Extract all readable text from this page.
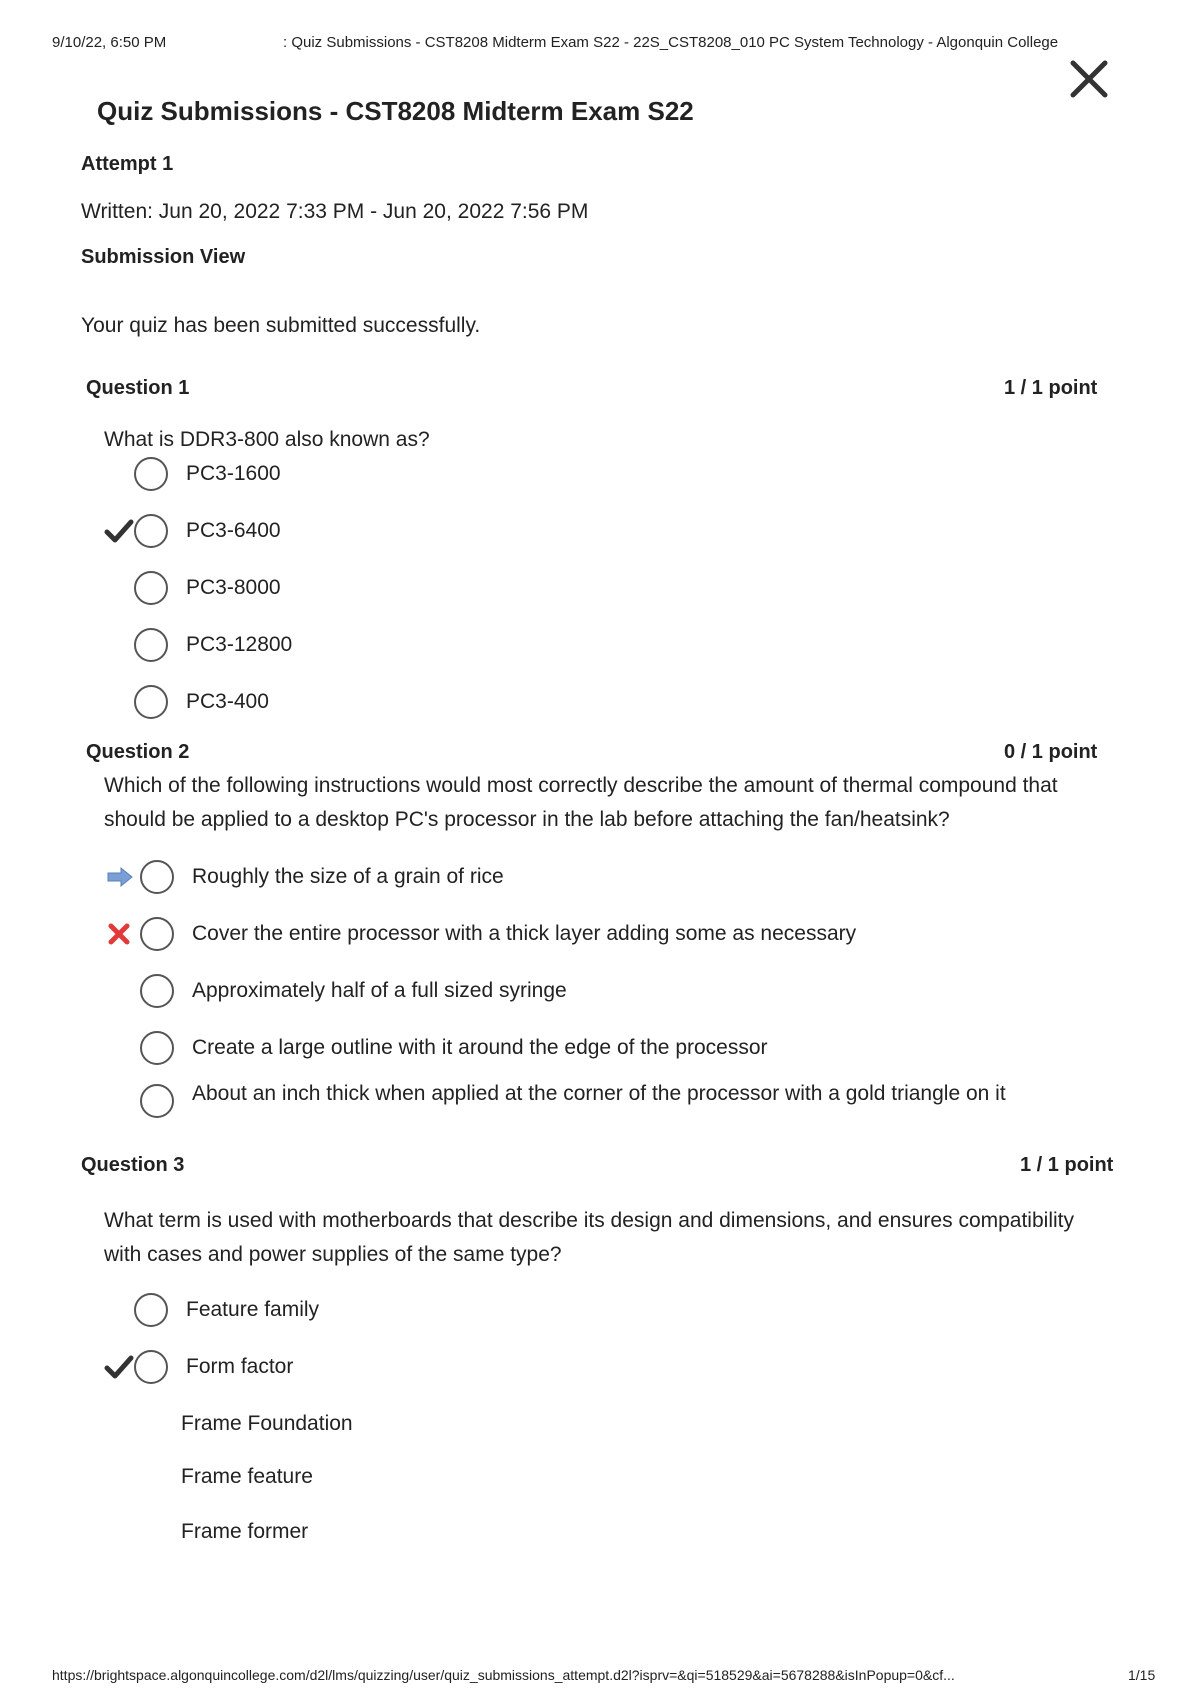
9/10/22, 6:50 PM	: Quiz Submissions - CST8208 Midterm Exam S22 - 22S_CST8208_010 PC System Technology - Algonquin College
Quiz Submissions - CST8208 Midterm Exam S22
Attempt 1
Written: Jun 20, 2022 7:33 PM - Jun 20, 2022 7:56 PM
Submission View
Your quiz has been submitted successfully.
Question 1	1 / 1 point
What is DDR3-800 also known as?
PC3-1600
PC3-6400
PC3-8000
PC3-12800
PC3-400
Question 2	0 / 1 point
Which of the following instructions would most correctly describe the amount of thermal compound that should be applied to a desktop PC's processor in the lab before attaching the fan/heatsink?
Roughly the size of a grain of rice
Cover the entire processor with a thick layer adding some as necessary
Approximately half of a full sized syringe
Create a large outline with it around the edge of the processor
About an inch thick when applied at the corner of the processor with a gold triangle on it
Question 3	1 / 1 point
What term is used with motherboards that describe its design and dimensions, and ensures compatibility with cases and power supplies of the same type?
Feature family
Form factor
Frame Foundation
Frame feature
Frame former
https://brightspace.algonquincollege.com/d2l/lms/quizzing/user/quiz_submissions_attempt.d2l?isprv=&qi=518529&ai=5678288&isInPopup=0&cf...	1/15
